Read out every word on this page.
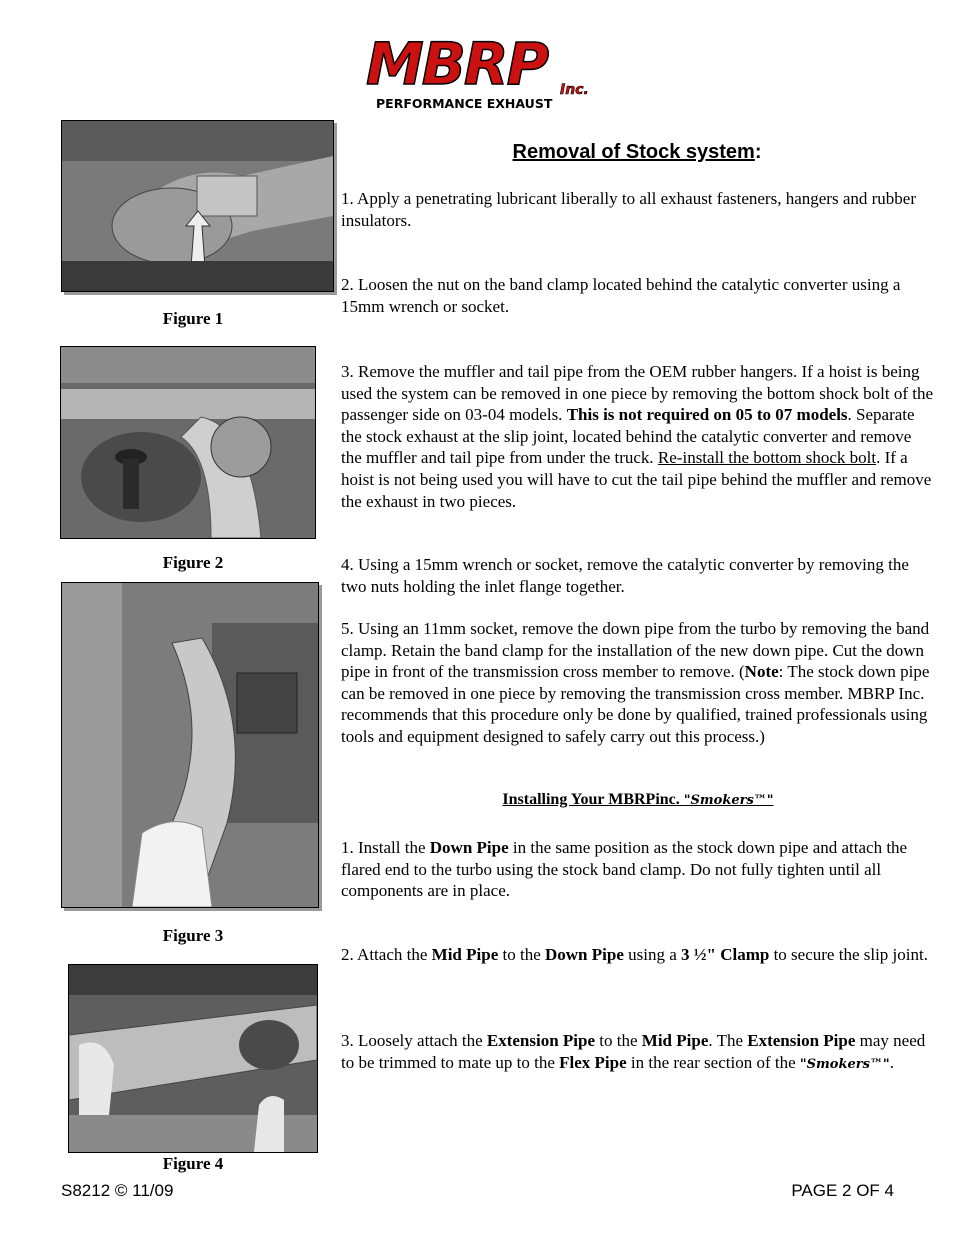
MBRP Inc.
PERFORMANCE EXHAUST
Figure 1
Figure 2
Figure 3
Figure 4
Removal of Stock system:
1. Apply a penetrating lubricant liberally to all exhaust fasteners, hangers and rubber insulators.
2. Loosen the nut on the band clamp located behind the catalytic converter using a 15mm wrench or socket.
3. Remove the muffler and tail pipe from the OEM rubber hangers. If a hoist is being used the system can be removed in one piece by removing the bottom shock bolt of the passenger side on 03-04 models. This is not required on 05 to 07 models. Separate the stock exhaust at the slip joint, located behind the catalytic converter and remove the muffler and tail pipe from under the truck. Re-install the bottom shock bolt. If a hoist is not being used you will have to cut the tail pipe behind the muffler and remove the exhaust in two pieces.
4. Using a 15mm wrench or socket, remove the catalytic converter by removing the two nuts holding the inlet flange together.
5. Using an 11mm socket, remove the down pipe from the turbo by removing the band clamp. Retain the band clamp for the installation of the new down pipe. Cut the down pipe in front of the transmission cross member to remove. (Note: The stock down pipe can be removed in one piece by removing the transmission cross member. MBRP Inc. recommends that this procedure only be done by qualified, trained professionals using tools and equipment designed to safely carry out this process.)
Installing Your MBRPinc. "Smokers™"
1. Install the Down Pipe in the same position as the stock down pipe and attach the flared end to the turbo using the stock band clamp. Do not fully tighten until all components are in place.
2. Attach the Mid Pipe to the Down Pipe using a 3 ½" Clamp to secure the slip joint.
3. Loosely attach the Extension Pipe to the Mid Pipe. The Extension Pipe may need to be trimmed to mate up to the Flex Pipe in the rear section of the "Smokers™".
S8212 © 11/09	PAGE 2 OF 4
